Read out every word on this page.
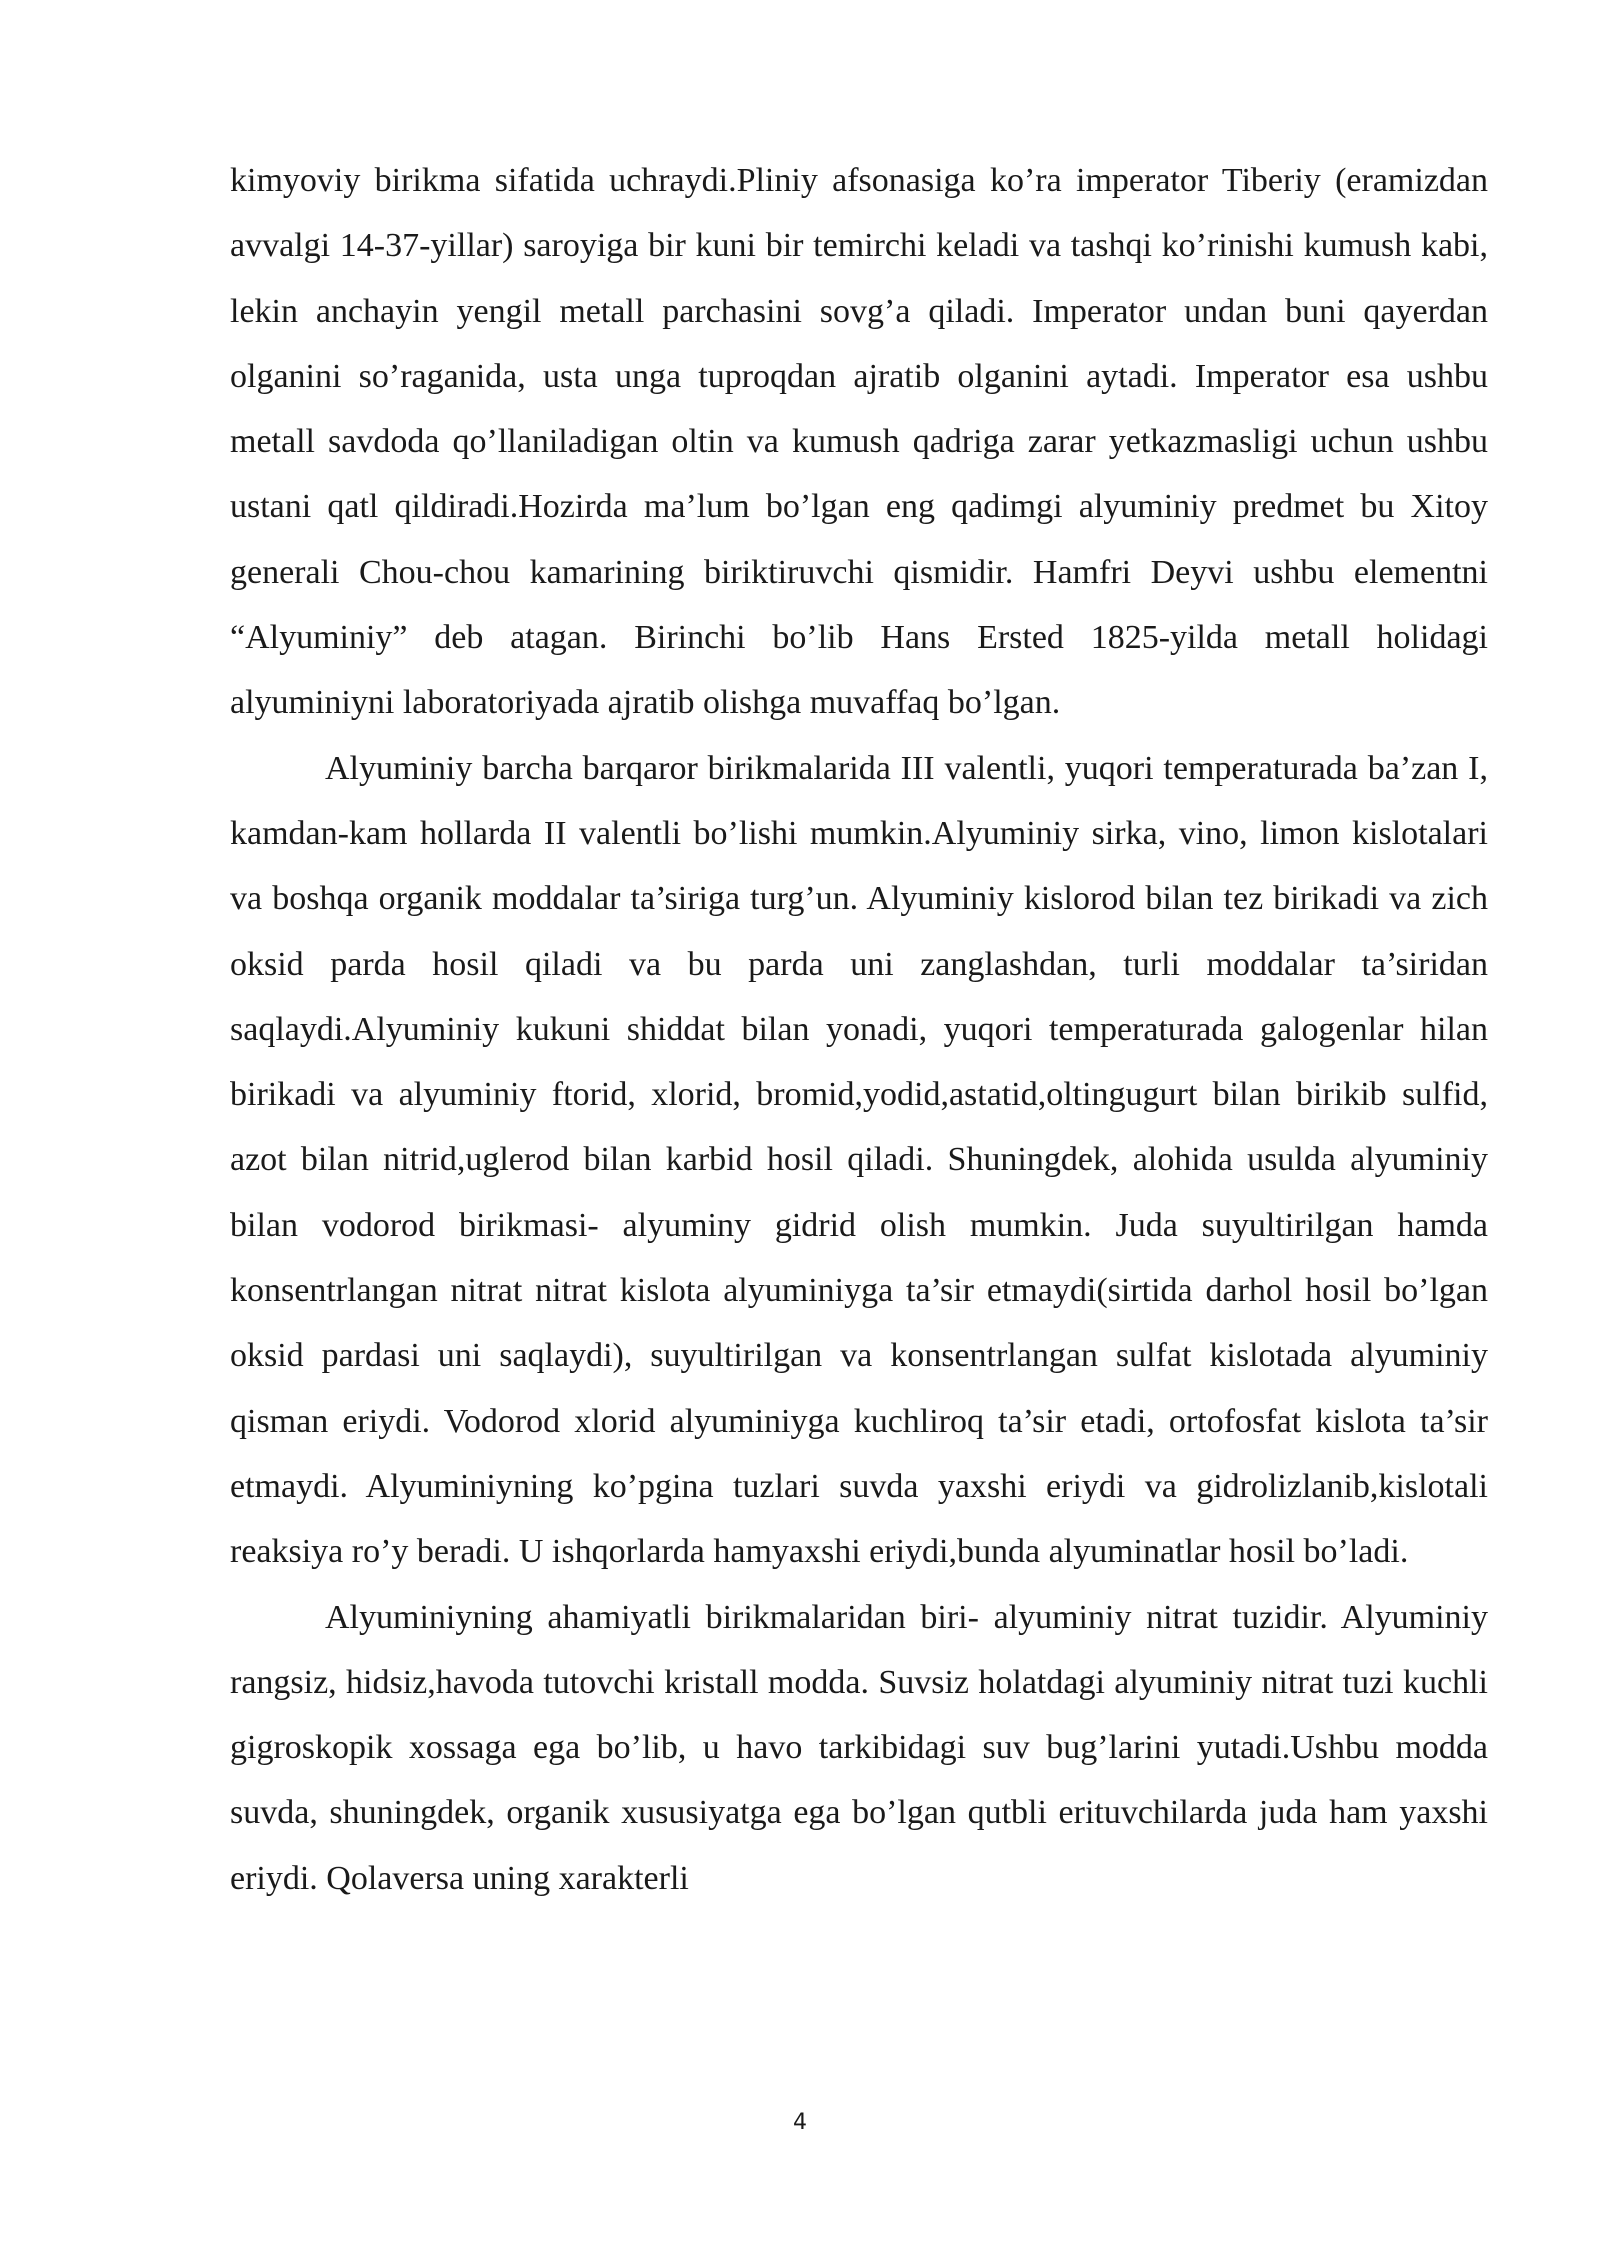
kimyoviy birikma sifatida uchraydi.Pliniy afsonasiga ko’ra imperator Tiberiy (eramizdan avvalgi 14-37-yillar) saroyiga bir kuni bir temirchi keladi va tashqi ko’rinishi kumush kabi, lekin anchayin yengil metall parchasini sovg’a qiladi. Imperator undan buni qayerdan olganini so’raganida, usta unga tuproqdan ajratib olganini aytadi. Imperator esa ushbu metall savdoda qo’llaniladigan oltin va kumush qadriga zarar yetkazmasligi uchun ushbu ustani qatl qildiradi.Hozirda ma’lum bo’lgan eng qadimgi alyuminiy predmet bu Xitoy generali Chou-chou kamarining biriktiruvchi qismidir. Hamfri Deyvi ushbu elementni “Alyuminiy” deb atagan. Birinchi bo’lib Hans Ersted 1825-yilda metall holidagi alyuminiyni laboratoriyada ajratib olishga muvaffaq bo’lgan.

Alyuminiy barcha barqaror birikmalarida III valentli, yuqori temperaturada ba’zan I, kamdan-kam hollarda II valentli bo’lishi mumkin.Alyuminiy sirka, vino, limon kislotalari va boshqa organik moddalar ta’siriga turg’un. Alyuminiy kislorod bilan tez birikadi va zich oksid parda hosil qiladi va bu parda uni zanglashdan, turli moddalar ta’siridan saqlaydi.Alyuminiy kukuni shiddat bilan yonadi, yuqori temperaturada galogenlar hilan birikadi va alyuminiy ftorid, xlorid, bromid,yodid,astatid,oltingugurt bilan birikib sulfid, azot bilan nitrid,uglerod bilan karbid hosil qiladi. Shuningdek, alohida usulda alyuminiy bilan vodorod birikmasi- alyuminy gidrid olish mumkin. Juda suyultirilgan hamda konsentrlangan nitrat nitrat kislota alyuminiyga ta’sir etmaydi(sirtida darhol hosil bo’lgan oksid pardasi uni saqlaydi), suyultirilgan va konsentrlangan sulfat kislotada alyuminiy qisman eriydi. Vodorod xlorid alyuminiyga kuchliroq ta’sir etadi, ortofosfat kislota ta’sir etmaydi. Alyuminiyning ko’pgina tuzlari suvda yaxshi eriydi va gidrolizlanib,kislotali reaksiya ro’y beradi. U ishqorlarda hamyaxshi eriydi,bunda alyuminatlar hosil bo’ladi.

Alyuminiyning ahamiyatli birikmalaridan biri- alyuminiy nitrat tuzidir. Alyuminiy rangsiz, hidsiz,havoda tutovchi kristall modda. Suvsiz holatdagi alyuminiy nitrat tuzi kuchli gigroskopik xossaga ega bo’lib, u havo tarkibidagi suv bug’larini yutadi.Ushbu modda suvda, shuningdek, organik xususiyatga ega bo’lgan qutbli erituvchilarda juda ham yaxshi eriydi. Qolaversa uning xarakterli

4
